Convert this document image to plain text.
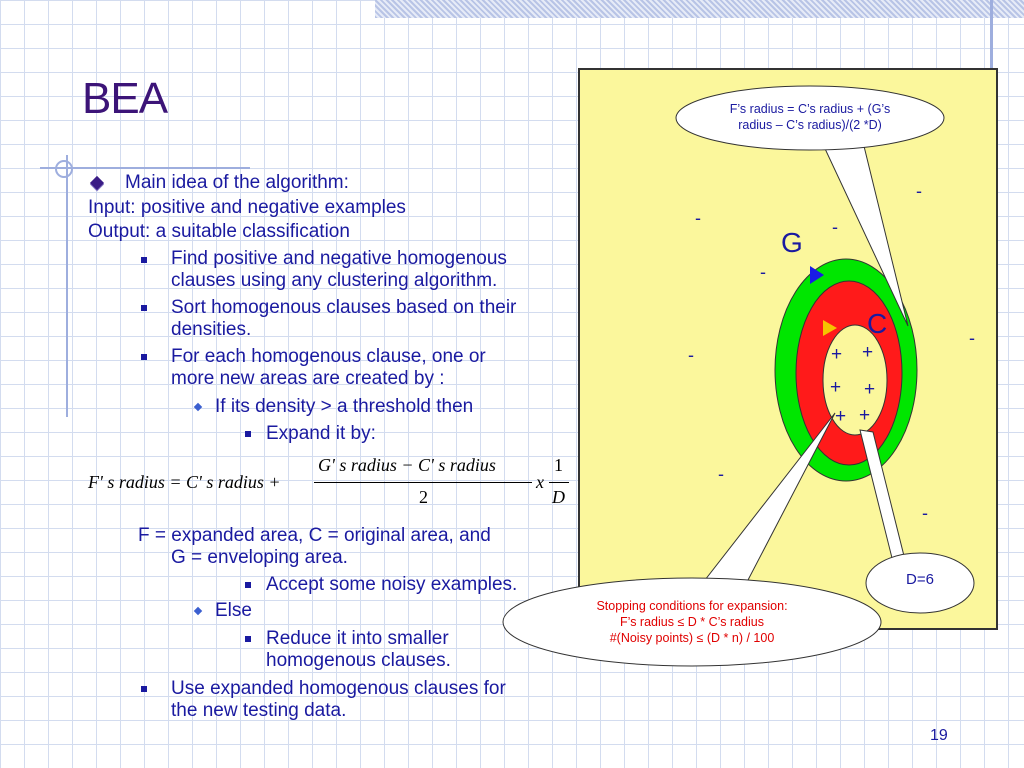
BEA
Main idea of the algorithm:
Input: positive and negative examples
Output: a suitable classification
Find positive and negative homogenous
clauses using any clustering algorithm.
Sort homogenous clauses based on their
densities.
For each homogenous clause, one or
more new areas are created by :
If its density > a threshold then
Expand it by:
F' s radius = C' s radius +
G' s radius − C' s radius
2
x
1
D
F = expanded area, C = original area, and
G = enveloping area.
Accept some noisy examples.
Else
Reduce it into smaller
homogenous clauses.
Use expanded homogenous clauses for
the new testing data.
G
C
-
-	-
-
-
-
-
-
+ +
+ +
+ +
F’s radius = C’s radius + (G’s
radius – C’s radius)/(2 *D)
D=6
Stopping conditions for expansion:
F’s radius ≤ D * C’s radius
#(Noisy points) ≤ (D * n) / 100
19
